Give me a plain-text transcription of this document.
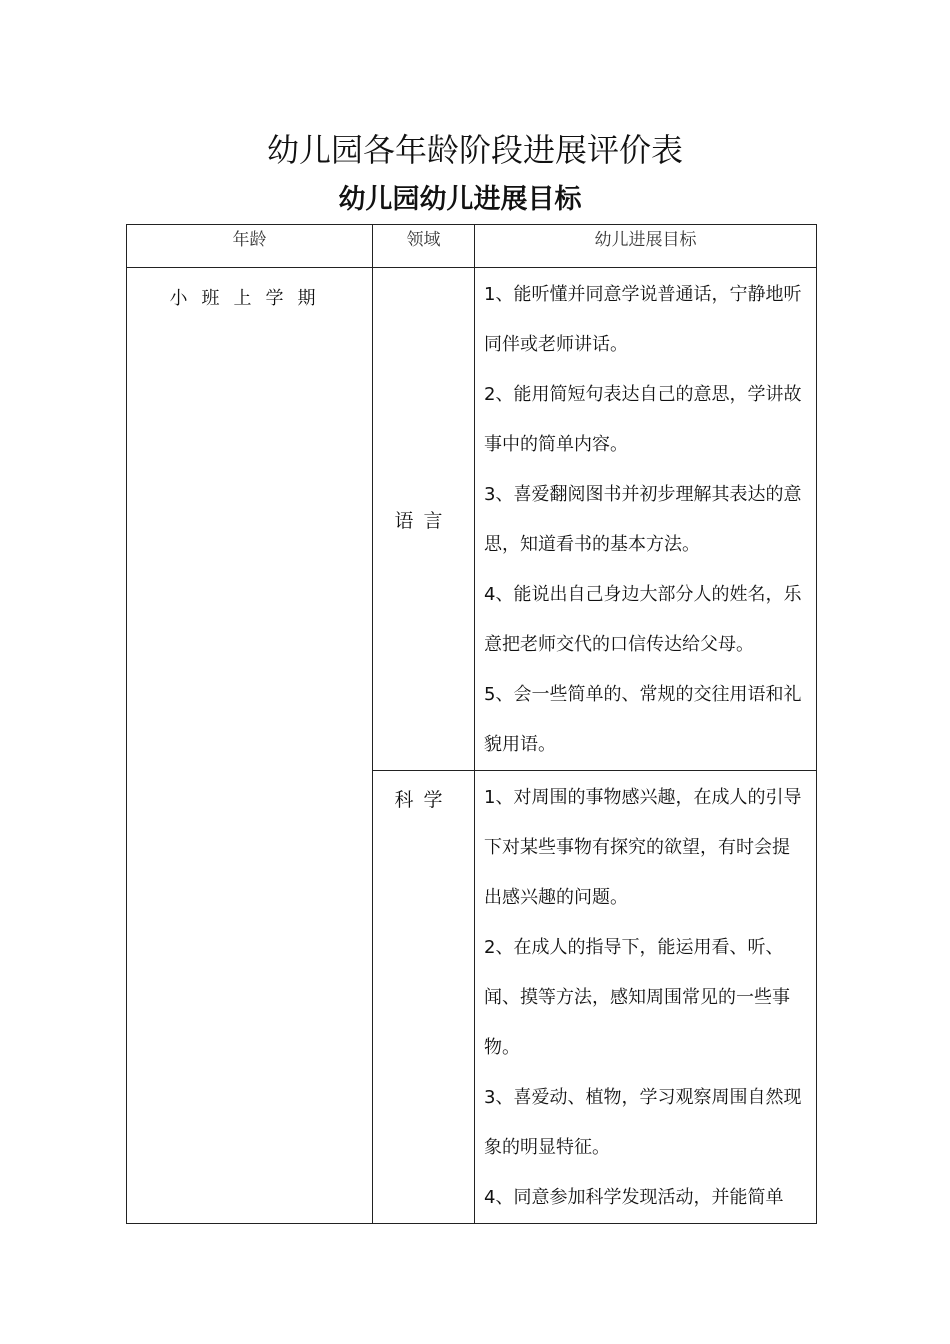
幼儿园各年龄阶段进展评价表
幼儿园幼儿进展目标
年龄	领域	幼儿进展目标
小班上学期	语言	1、能听懂并同意学说普通话，宁静地听同伴或老师讲话。

2、能用简短句表达自己的意思，学讲故事中的简单内容。

3、喜爱翻阅图书并初步理解其表达的意思，知道看书的基本方法。

4、能说出自己身边大部分人的姓名，乐意把老师交代的口信传达给父母。

5、会一些简单的、常规的交往用语和礼貌用语。

	科学	1、对周围的事物感兴趣，在成人的引导下对某些事物有探究的欲望，有时会提出感兴趣的问题。

2、在成人的指导下，能运用看、听、闻、摸等方法，感知周围常见的一些事物。

3、喜爱动、植物，学习观察周围自然现象的明显特征。

4、同意参加科学发现活动，并能简单
